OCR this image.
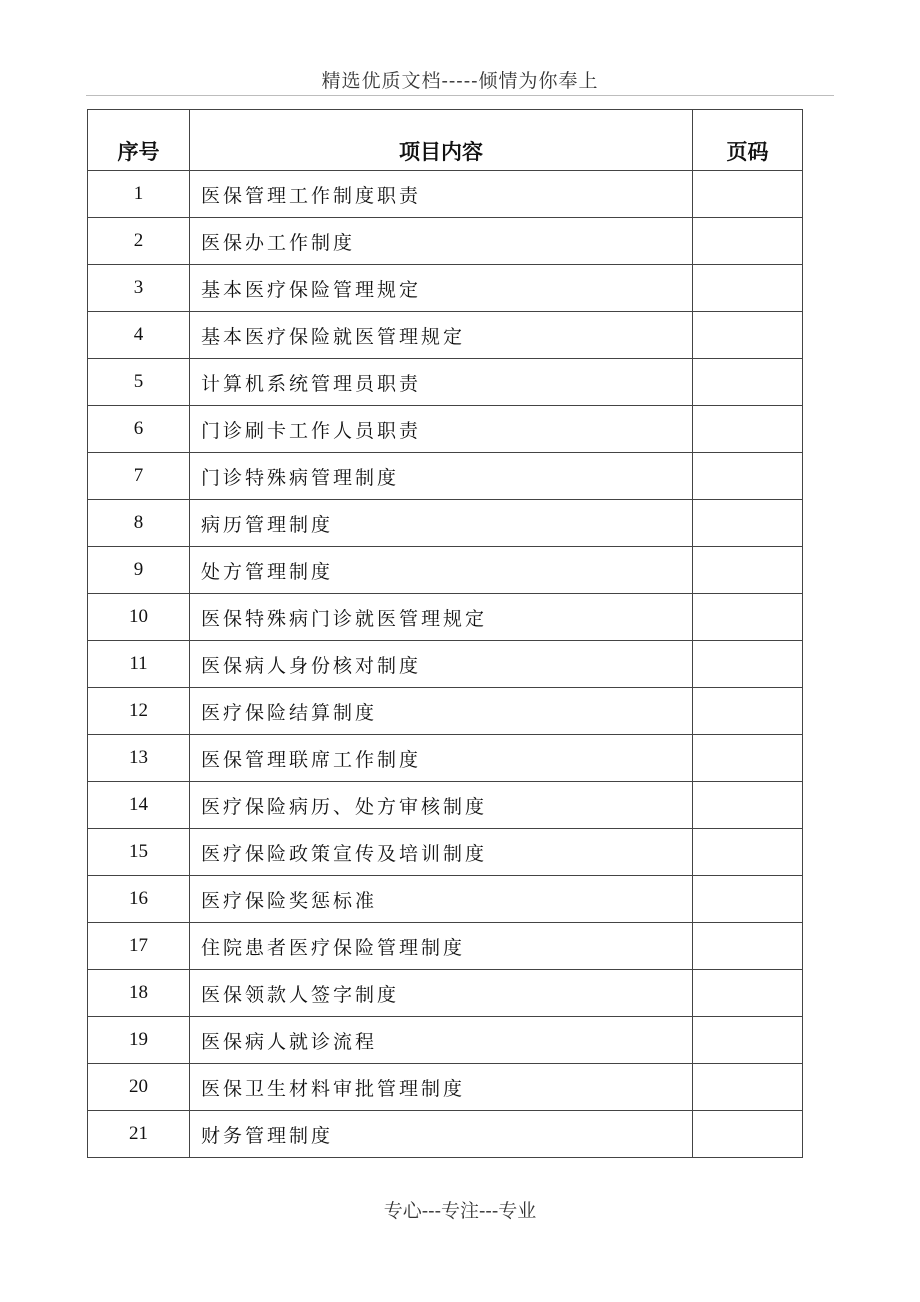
精选优质文档-----倾情为你奉上
序号	项目内容	页码
1	医保管理工作制度职责	
2	医保办工作制度	
3	基本医疗保险管理规定	
4	基本医疗保险就医管理规定	
5	计算机系统管理员职责	
6	门诊刷卡工作人员职责	
7	门诊特殊病管理制度	
8	病历管理制度	
9	处方管理制度	
10	医保特殊病门诊就医管理规定	
11	医保病人身份核对制度	
12	医疗保险结算制度	
13	医保管理联席工作制度	
14	医疗保险病历、处方审核制度	
15	医疗保险政策宣传及培训制度	
16	医疗保险奖惩标准	
17	住院患者医疗保险管理制度	
18	医保领款人签字制度	
19	医保病人就诊流程	
20	医保卫生材料审批管理制度	
21	财务管理制度	
专心---专注---专业
